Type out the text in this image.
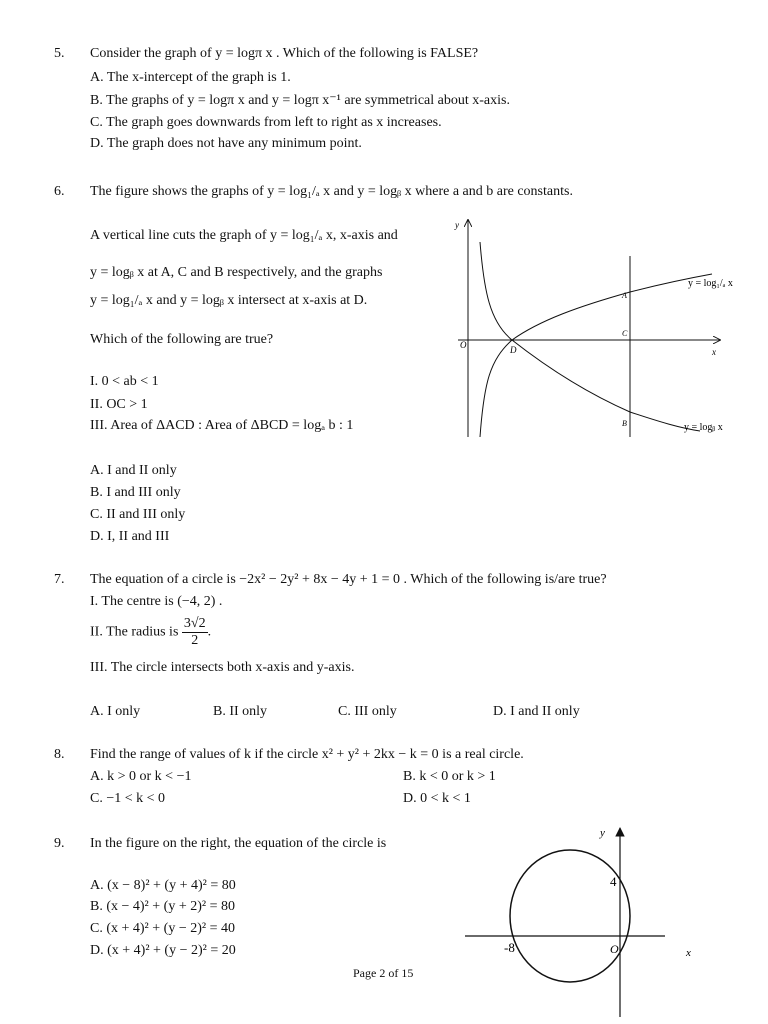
5. Consider the graph of y = logπ x . Which of the following is FALSE?
A. The x-intercept of the graph is 1.
B. The graphs of y = logπ x and y = logπ x⁻¹ are symmetrical about x-axis.
C. The graph goes downwards from left to right as x increases.
D. The graph does not have any minimum point.
6. The figure shows the graphs of y = log₁/ₐ x and y = logᵦ x where a and b are constants.
A vertical line cuts the graph of y = log₁/ₐ x, x-axis and
y = logᵦ x at A, C and B respectively, and the graphs
y = log₁/ₐ x and y = logᵦ x intersect at x-axis at D.
Which of the following are true?
I. 0 < ab < 1
II. OC > 1
III. Area of ΔACD : Area of ΔBCD = logₐ b : 1
A. I and II only
B. I and III only
C. II and III only
D. I, II and III
y
O
x
A
C
B
D
y = log₁/ₐ x
y = logᵦ x
7. The equation of a circle is −2x² − 2y² + 8x − 4y + 1 = 0 . Which of the following is/are true?
I. The centre is (−4, 2) .
II. The radius is $\frac{3√2}{2}$ .
III. The circle intersects both x-axis and y-axis.
A. I only	B. II only	C. III only	D. I and II only
8. Find the range of values of k if the circle x² + y² + 2kx − k = 0 is a real circle.
A. k > 0 or k < −1	B. k < 0 or k > 1
C. −1 < k < 0	D. 0 < k < 1
9. In the figure on the right, the equation of the circle is
A. (x − 8)² + (y + 4)² = 80
B. (x − 4)² + (y + 2)² = 80
C. (x + 4)² + (y − 2)² = 40
D. (x + 4)² + (y − 2)² = 20
y
4
-8	O	x
Page 2 of 15
